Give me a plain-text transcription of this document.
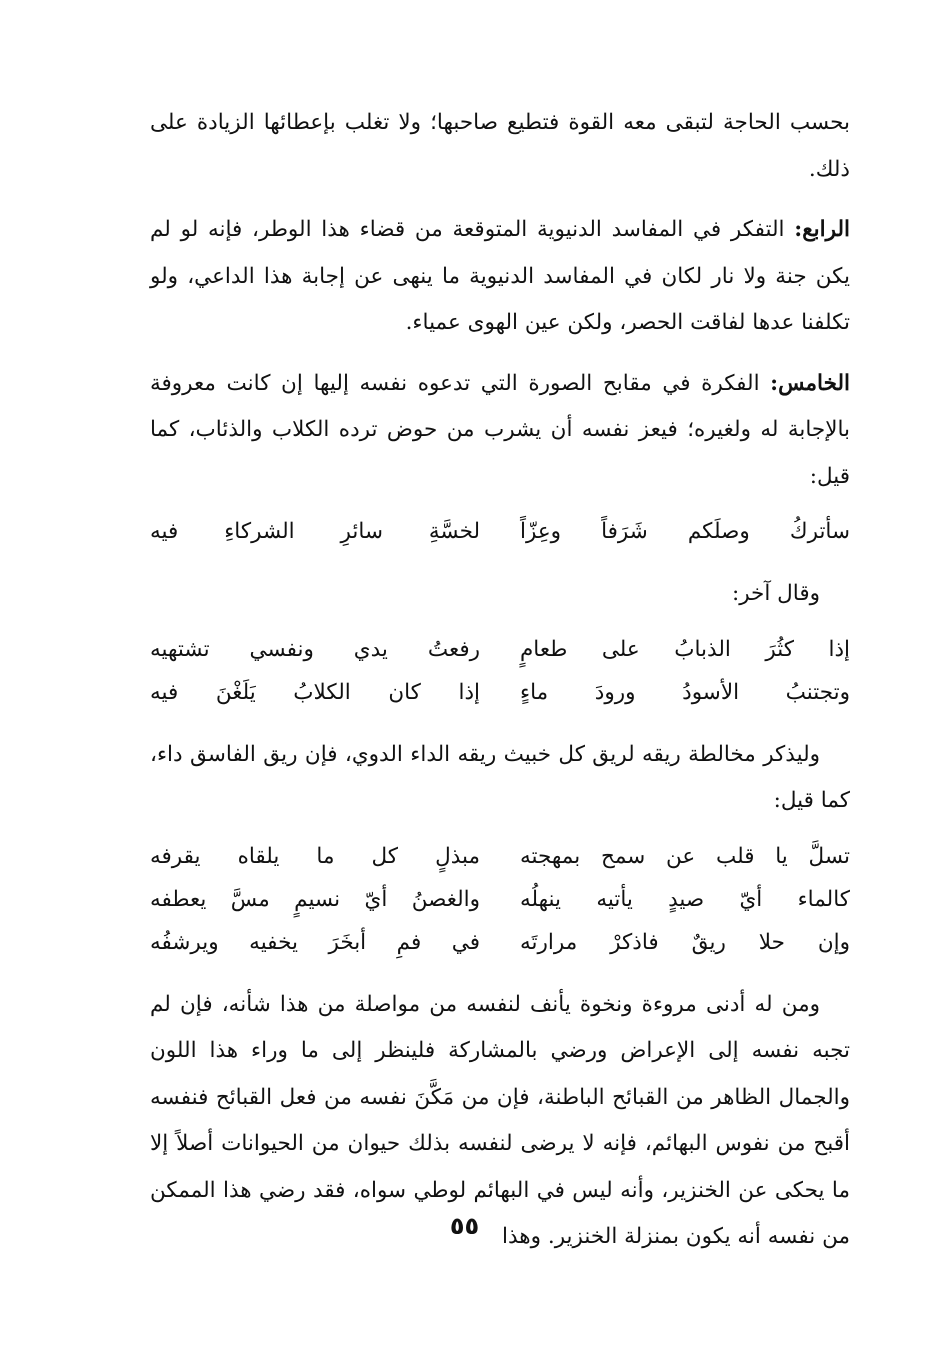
بحسب الحاجة لتبقى معه القوة فتطيع صاحبها؛ ولا تغلب بإعطائها الزيادة على ذلك.

الرابع: التفكر في المفاسد الدنيوية المتوقعة من قضاء هذا الوطر، فإنه لو لم يكن جنة ولا نار لكان في المفاسد الدنيوية ما ينهى عن إجابة هذا الداعي، ولو تكلفنا عدها لفاقت الحصر، ولكن عين الهوى عمياء.

الخامس: الفكرة في مقابح الصورة التي تدعوه نفسه إليها إن كانت معروفة بالإجابة له ولغيره؛ فيعز نفسه أن يشرب من حوض ترده الكلاب والذئاب، كما قيل:

سأتركُ وصلَكم شَرَفاً وعِزّاً
لخسَّةِ سائرِ الشركاءِ فيه

وقال آخر:

إذا كثُرَ الذبابُ على طعامٍ
رفعتُ يدي ونفسي تشتهيه
وتجتنبُ الأسودُ ورودَ ماءٍ
إذا كان الكلابُ يَلَغْنَ فيه

وليذكر مخالطة ريقه لريق كل خبيث ريقه الداء الدوي، فإن ريق الفاسق داء، كما قيل:

تسلَّ يا قلب عن سمح بمهجته
مبذلٍ كل ما يلقاه يقرفه
كالماء أيّ صيدٍ يأتيه ينهلُه
والغصنُ أيّ نسيمٍ مسَّ يعطفه
وإن حلا ريقٌ فاذكرْ مرارتَه
في فمِ أبخَرَ يخفيه ويرشفُه

ومن له أدنى مروءة ونخوة يأنف لنفسه من مواصلة من هذا شأنه، فإن لم تجبه نفسه إلى الإعراض ورضي بالمشاركة فلينظر إلى ما وراء هذا اللون والجمال الظاهر من القبائح الباطنة، فإن من مَكَّنَ نفسه من فعل القبائح فنفسه أقبح من نفوس البهائم، فإنه لا يرضى لنفسه بذلك حيوان من الحيوانات أصلاً إلا ما يحكى عن الخنزير، وأنه ليس في البهائم لوطي سواه، فقد رضي هذا الممكن من نفسه أنه يكون بمنزلة الخنزير. وهذا

٥٥
